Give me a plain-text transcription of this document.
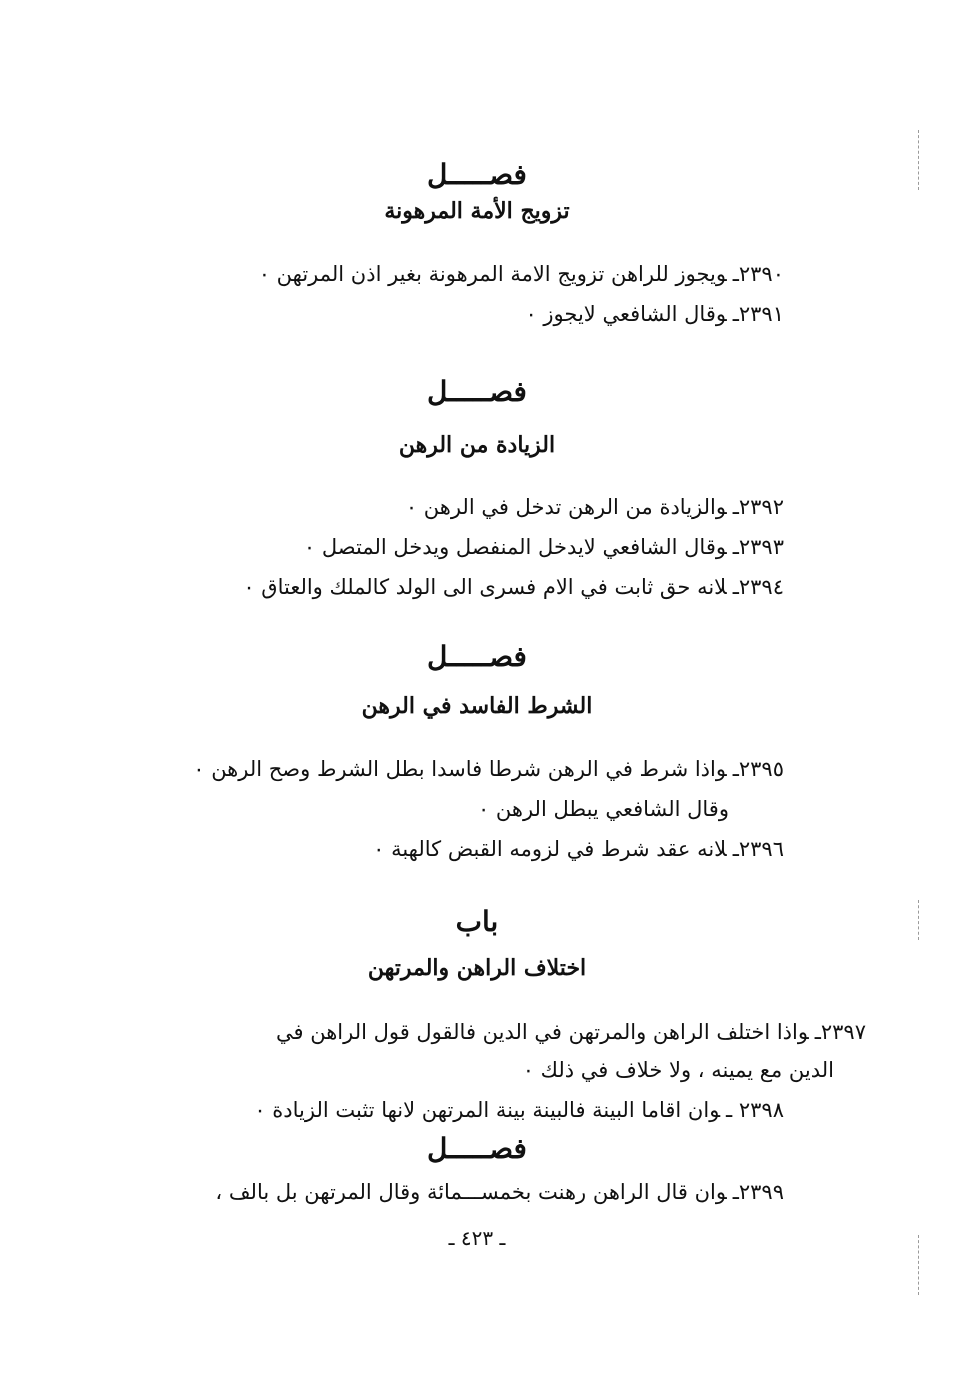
فصـــــل
تزويج الأمة المرهونة
٢٣٩٠ـويجوز للراهن تزويج الامة المرهونة بغير اذن المرتهن ٠
٢٣٩١ـوقال الشافعي لايجوز ٠
فصـــــل
الزيادة من الرهن
٢٣٩٢ـوالزيادة من الرهن تدخل في الرهن ٠
٢٣٩٣ـوقال الشافعي لايدخل المنفصل ويدخل المتصل ٠
٢٣٩٤ـلانه حق ثابت في الام فسرى الى الولد كالملك والعتاق ٠
فصـــــل
الشرط الفاسد في الرهن
٢٣٩٥ـواذا شرط في الرهن شرطا فاسدا بطل الشرط وصح الرهن ٠
وقال الشافعي يبطل الرهن ٠
٢٣٩٦ـلانه عقد شرط في لزومه القبض كالهبة ٠
باب
اختلاف الراهن والمرتهن
٢٣٩٧ـواذا اختلف الراهن والمرتهن في الدين فالقول قول الراهن في
الدين مع يمينه ، ولا خلاف في ذلك ٠
٢٣٩٨ ـوان اقاما البينة فالبينة بينة المرتهن لانها تثبت الزيادة ٠
فصـــــل
٢٣٩٩ـوان قال الراهن رهنت بخمســـمائة وقال المرتهن بل بالف ،
ـ ٤٢٣ ـ
